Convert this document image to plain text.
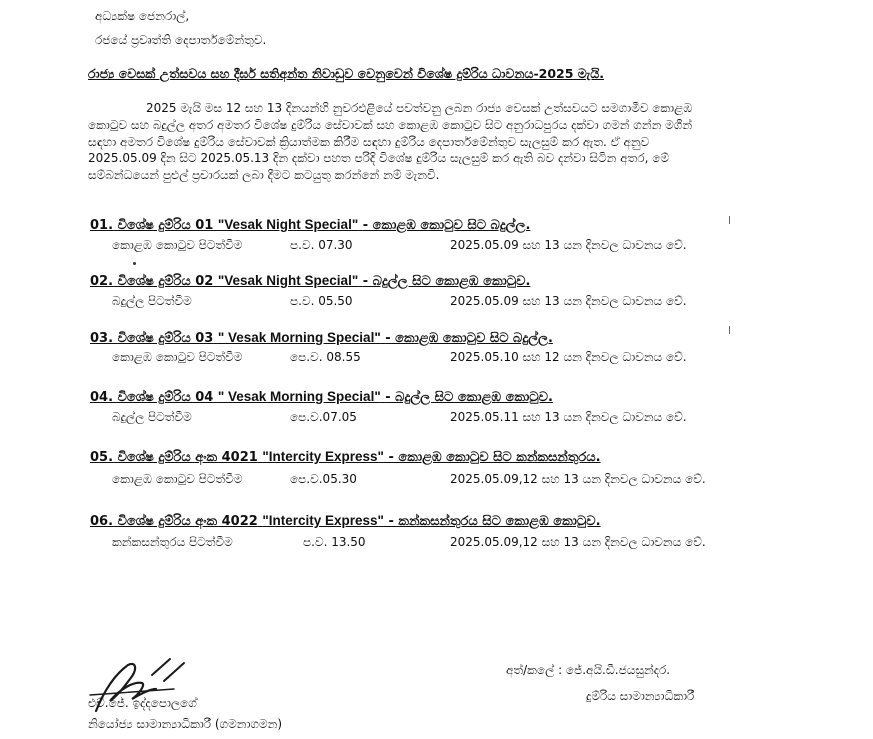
අධ්‍යක්ෂ ජෙනරාල්,
රජයේ ප්‍රවෘත්ති දෙපාර්තමේන්තුව.
රාජ්‍ය වෙසක් උත්සවය සහ දීර්ඝ සතිඅන්ත නිවාඩුව වෙනුවෙන් විශේෂ දුම්රිය ධාවනය-2025 මැයි.
2025 මැයි මස 12 සහ 13 දිනයන්හි නුවරඑළියේ පවත්වනු ලබන රාජ්‍ය වෙසක් උත්සවයට සමගාමීව කොළඹ
කොටුව සහ බදුල්ල අතර අමතර විශේෂ දුම්රිය සේවාවක් සහ කොළඹ කොටුව සිට අනුරාධපුරය දක්වා ගමන් ගන්න මගීන්
සඳහා අමතර විශේෂ දුම්රිය සේවාවක් ක්‍රියාත්මක කිරීම සඳහා දුම්රිය දෙපාර්තමේන්තුව සැලසුම් කර ඇත. ඒ අනුව
2025.05.09 දින සිට 2025.05.13 දින දක්වා පහත පරිදි විශේෂ දුම්රිය සැලසුම් කර ඇති බව දන්වා සිටින අතර, මේ
සම්බන්ධයෙන් පුළුල් ප්‍රචාරයක් ලබා දීමට කටයුතු කරන්නේ නම් මැනවි.
01. විශේෂ දුම්රිය 01 "Vesak Night Special" - කොළඹ කොටුව සිට බදුල්ල.
කොළඹ කොටුව පිටත්වීම	ප.ව. 07.30	2025.05.09 සහ 13 යන දිනවල ධාවනය වේ.
02. විශේෂ දුම්රිය 02 "Vesak Night Special" - බදුල්ල සිට කොළඹ කොටුව.
බදුල්ල පිටත්වීම	ප.ව. 05.50	2025.05.09 සහ 13 යන දිනවල ධාවනය වේ.
03. විශේෂ දුම්රිය 03 " Vesak Morning Special" - කොළඹ කොටුව සිට බදුල්ල.
කොළඹ කොටුව පිටත්වීම	පෙ.ව. 08.55	2025.05.10 සහ 12 යන දිනවල ධාවනය වේ.
04. විශේෂ දුම්රිය 04 " Vesak Morning Special" - බදුල්ල සිට කොළඹ කොටුව.
බදුල්ල පිටත්වීම	පෙ.ව.07.05	2025.05.11 සහ 13 යන දිනවල ධාවනය වේ.
05. විශේෂ දුම්රිය අංක 4021 "Intercity Express" - කොළඹ කොටුව සිට කන්කසන්තුරය.
කොළඹ කොටුව පිටත්වීම	පෙ.ව.05.30	2025.05.09,12 සහ 13 යන දිනවල ධාවනය වේ.
06. විශේෂ දුම්රිය අංක 4022 "Intercity Express" - කන්කසන්තුරය සිට කොළඹ කොටුව.
කන්කසන්තුරය පිටත්වීම	ප.ව. 13.50	2025.05.09,12 සහ 13 යන දිනවල ධාවනය වේ.
එච්.ජේ. ඉද්දපොලගේ
නියෝජ්‍ය සාමාන්‍යාධිකාරී (ගමනාගමන)
අත්/කලේ : ජේ.අයි.ඩී.ජයසුන්දර.
දුම්රිය සාමාන්‍යාධිකාරී
